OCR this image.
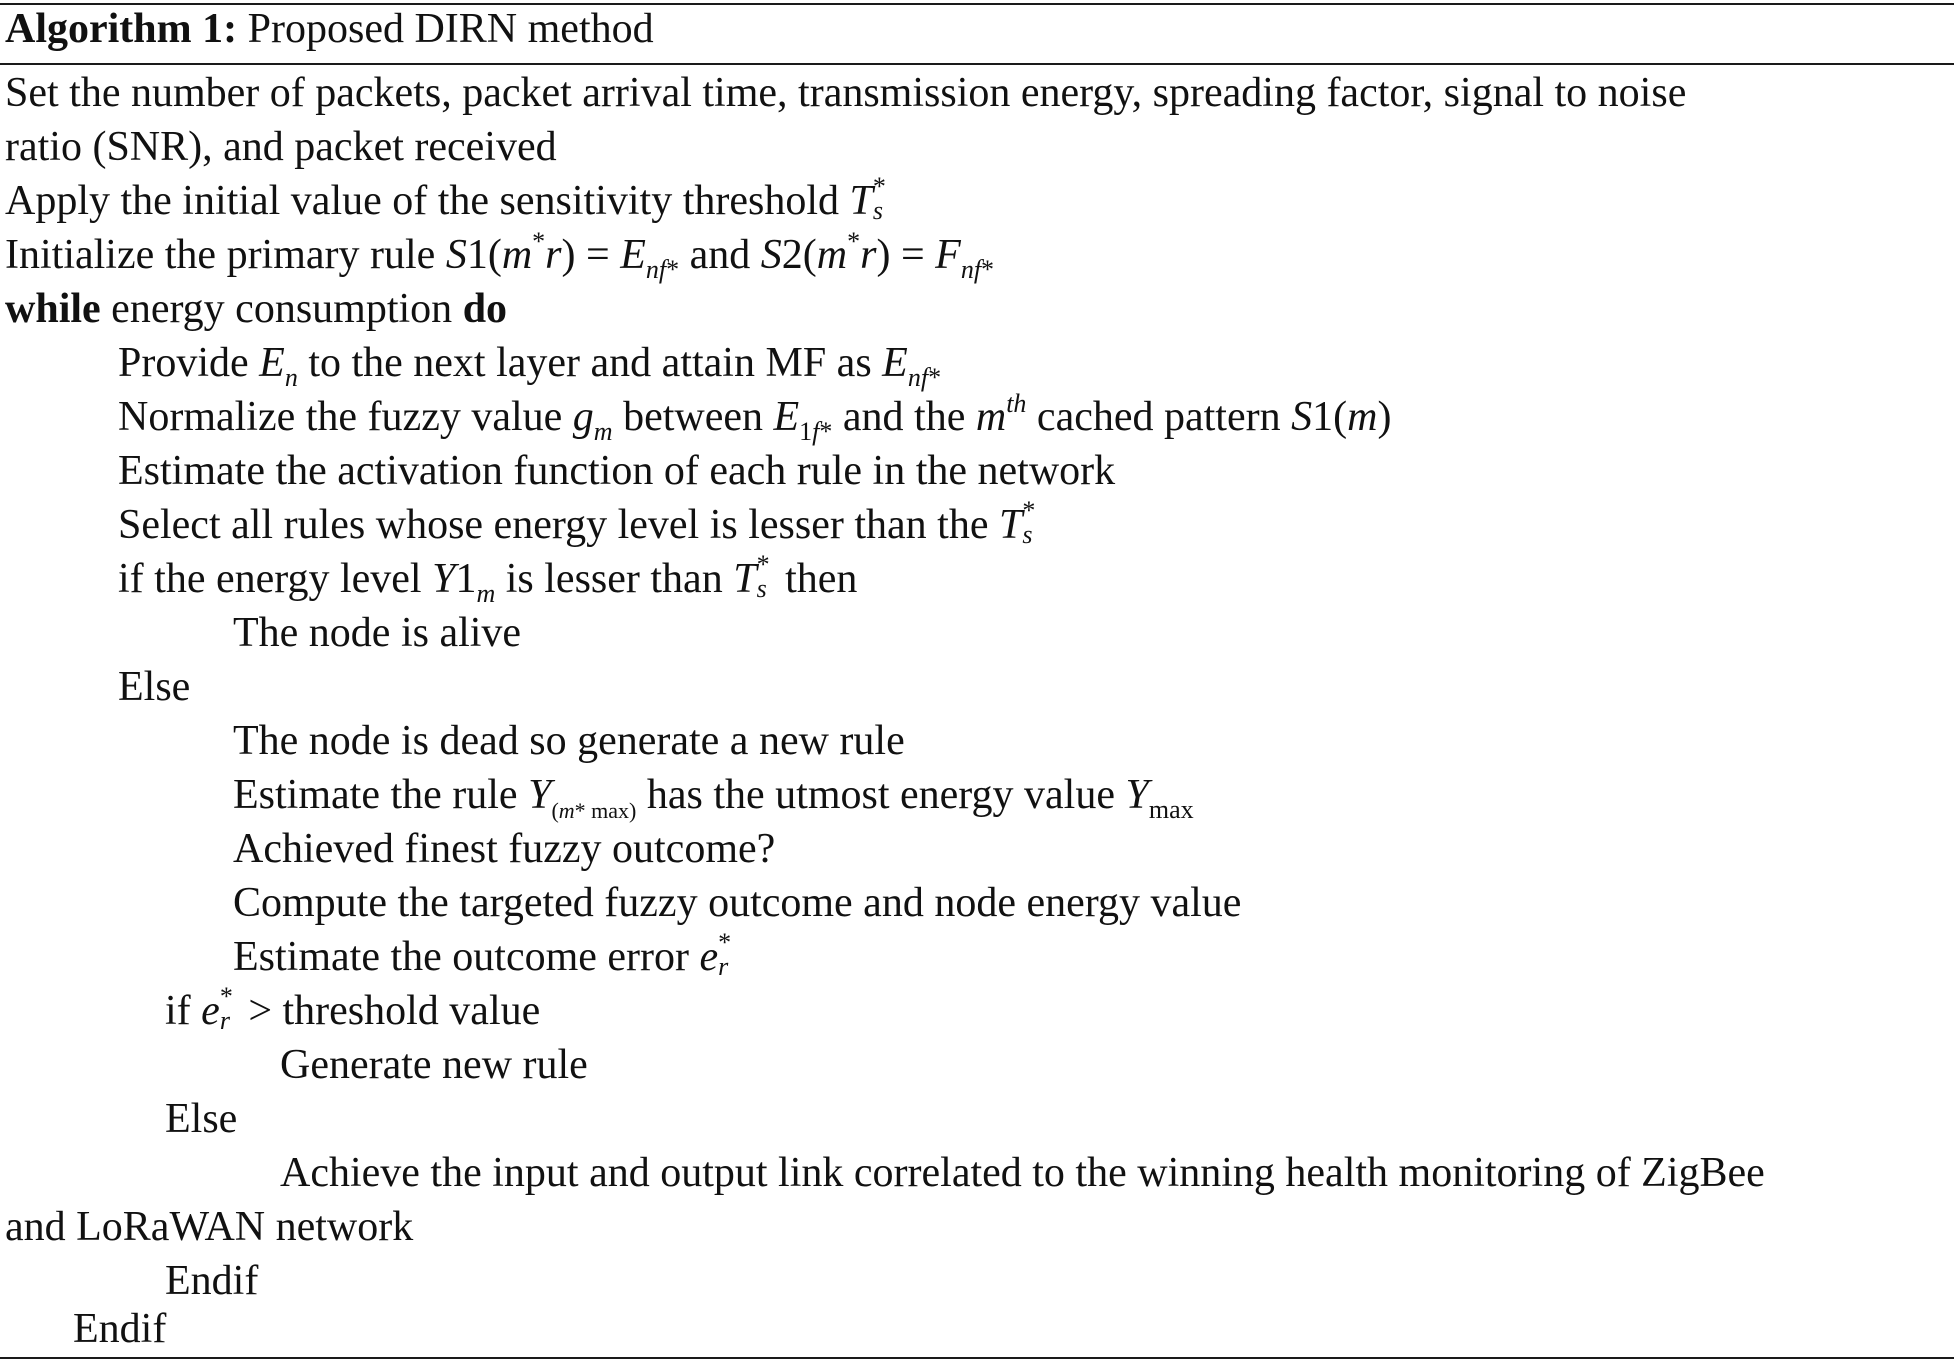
Algorithm 1: Proposed DIRN method
Set the number of packets, packet arrival time, transmission energy, spreading factor, signal to noise
ratio (SNR), and packet received
Apply the initial value of the sensitivity threshold T *
s
Initialize the primary rule $S1(m^*r) = E_{nf*}$ and $S2(m^*r) = F_{nf*}$
while energy consumption do
Provide $E_n$ to the next layer and attain MF as $E_{nf*}$
Normalize the fuzzy value $g_m$ between $E_{1f*}$ and the $m^{th}$ cached pattern S1(m)
Estimate the activation function of each rule in the network
Select all rules whose energy level is lesser than the T *
s
if the energy level $Y1_m$ is lesser than T *
s then
The node is alive
Else
The node is dead so generate a new rule
Estimate the rule $Y_{(m* max)}$ has the utmost energy value $Y_{max}$
Achieved finest fuzzy outcome?
Compute the targeted fuzzy outcome and node energy value
Estimate the outcome error e *
r
if e *
r > threshold value
Generate new rule
Else
Achieve the input and output link correlated to the winning health monitoring of ZigBee
and LoRaWAN network
Endif
Endif
